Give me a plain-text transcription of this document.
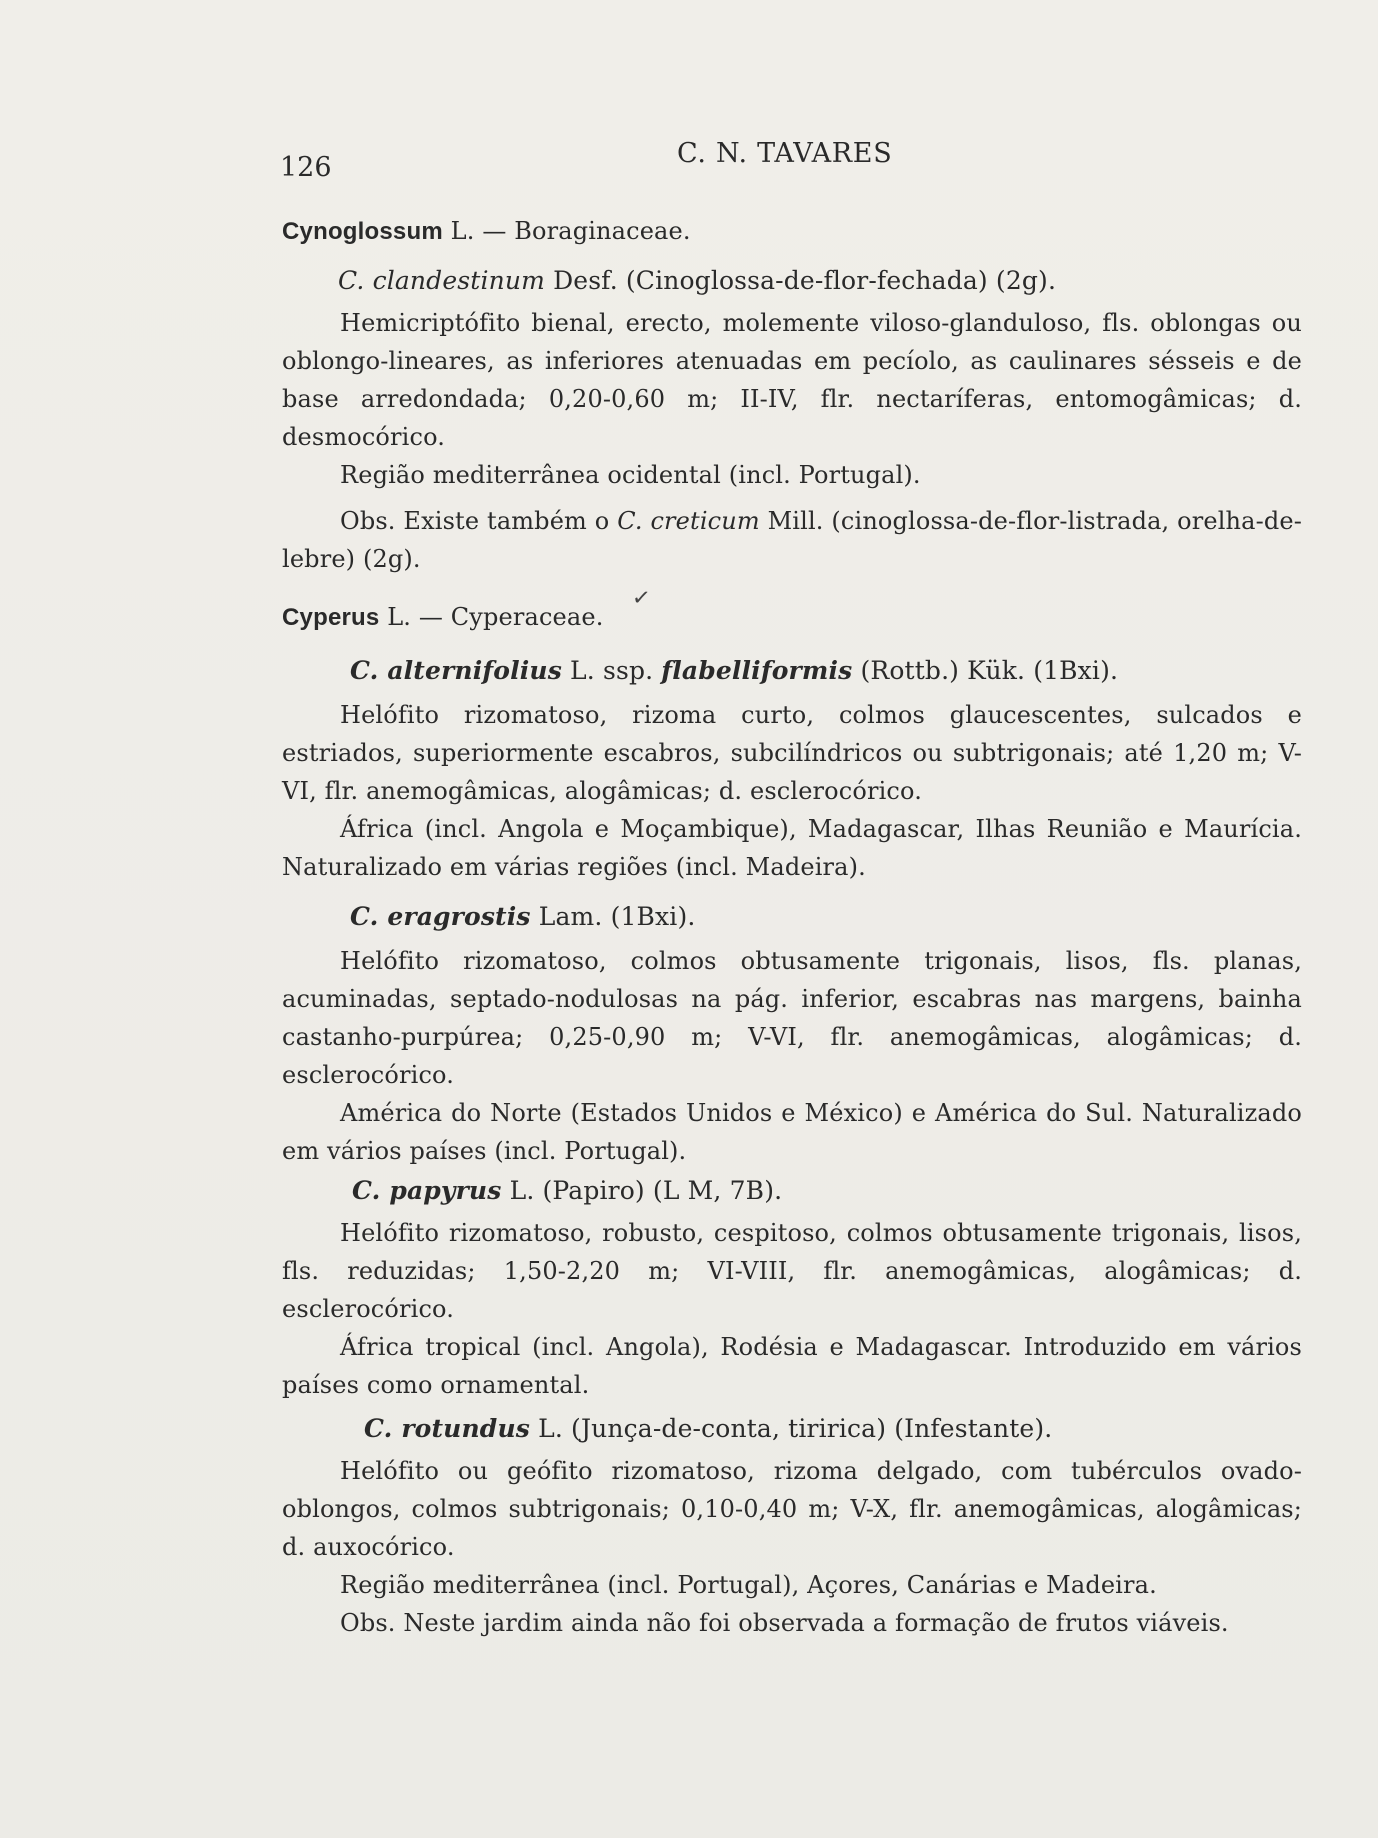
126	C. N. TAVARES
Cynoglossum L. — Boraginaceae.
C. clandestinum Desf. (Cinoglossa-de-flor-fechada) (2g).

Hemicriptófito bienal, erecto, molemente viloso-glanduloso, fls. oblongas ou oblongo-lineares, as inferiores atenuadas em pecíolo, as caulinares sésseis e de base arredondada; 0,20-0,60 m; II-IV, flr. nectaríferas, entomogâmicas; d. desmocórico.

Região mediterrânea ocidental (incl. Portugal).

Obs. Existe também o C. creticum Mill. (cinoglossa-de-flor-listrada, orelha-de-lebre) (2g).

Cyperus L. — Cyperaceae.
✓
C. alternifolius L. ssp. flabelliformis (Rottb.) Kük. (1Bxi).

Helófito rizomatoso, rizoma curto, colmos glaucescentes, sulcados e estriados, superiormente escabros, subcilíndricos ou subtrigonais; até 1,20 m; V-VI, flr. anemogâmicas, alogâmicas; d. esclerocórico.

África (incl. Angola e Moçambique), Madagascar, Ilhas Reunião e Maurícia. Naturalizado em várias regiões (incl. Madeira).

C. eragrostis Lam. (1Bxi).

Helófito rizomatoso, colmos obtusamente trigonais, lisos, fls. planas, acuminadas, septado-nodulosas na pág. inferior, escabras nas margens, bainha castanho-purpúrea; 0,25-0,90 m; V-VI, flr. anemogâmicas, alogâmicas; d. esclerocórico.

América do Norte (Estados Unidos e México) e América do Sul. Naturalizado em vários países (incl. Portugal).

C. papyrus L. (Papiro) (L M, 7B).

Helófito rizomatoso, robusto, cespitoso, colmos obtusamente trigonais, lisos, fls. reduzidas; 1,50-2,20 m; VI-VIII, flr. anemogâmicas, alogâmicas; d. esclerocórico.

África tropical (incl. Angola), Rodésia e Madagascar. Introduzido em vários países como ornamental.

C. rotundus L. (Junça-de-conta, tiririca) (Infestante).

Helófito ou geófito rizomatoso, rizoma delgado, com tubérculos ovado-oblongos, colmos subtrigonais; 0,10-0,40 m; V-X, flr. anemogâmicas, alogâmicas; d. auxocórico.

Região mediterrânea (incl. Portugal), Açores, Canárias e Madeira.

Obs. Neste jardim ainda não foi observada a formação de frutos viáveis.
